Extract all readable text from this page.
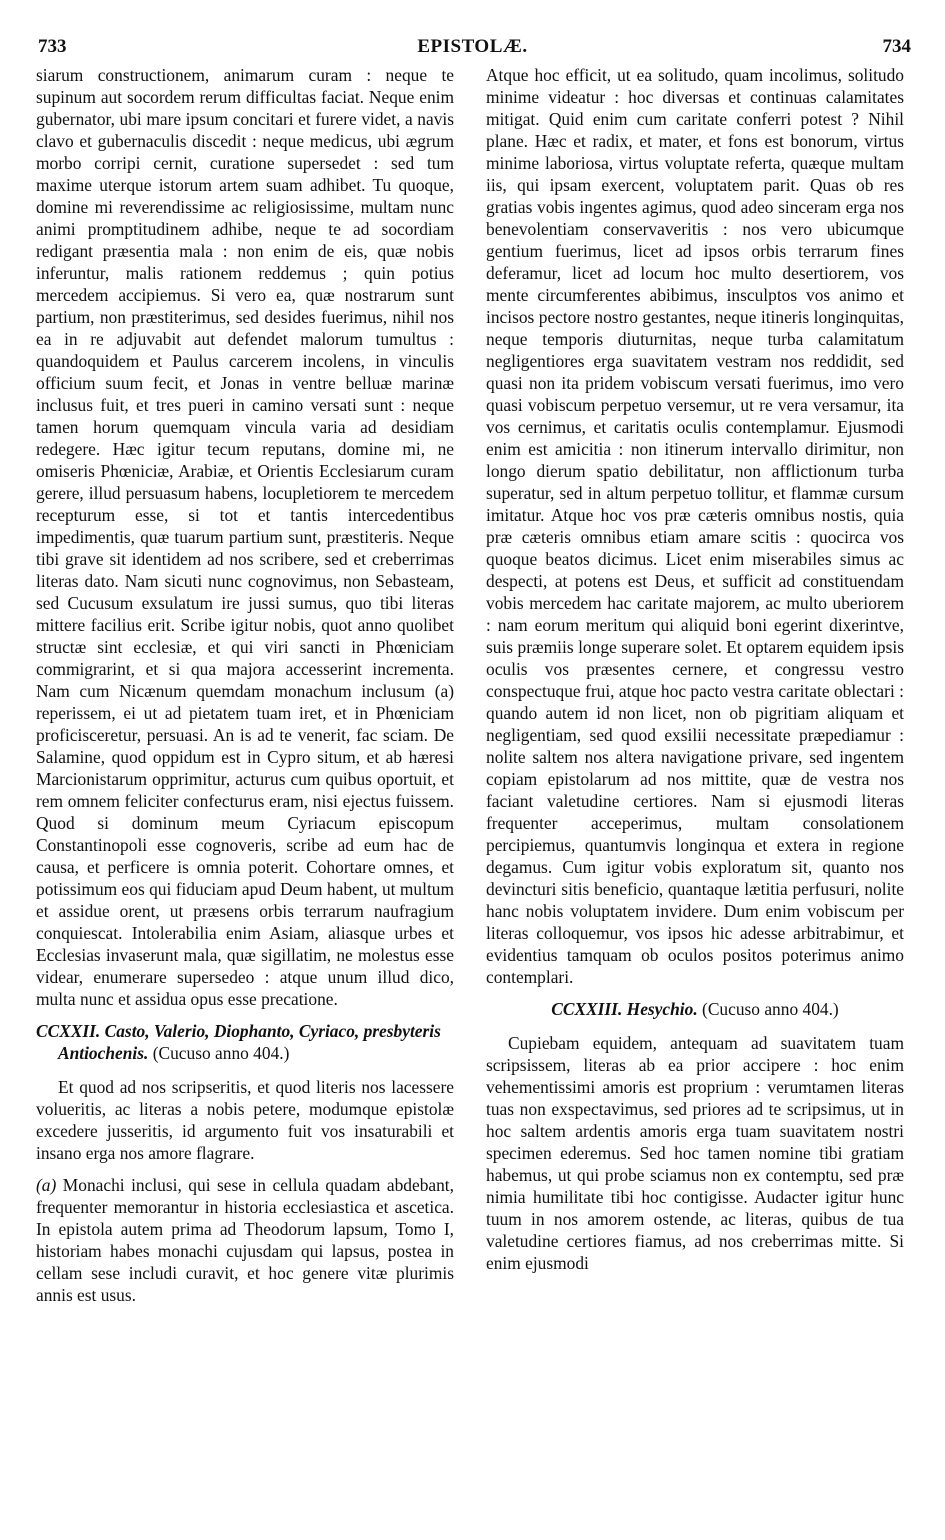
733	EPISTOLÆ.	734

siarum constructionem, animarum curam : neque te supinum aut socordem rerum difficultas faciat. Neque enim gubernator, ubi mare ipsum concitari et furere videt, a navis clavo et gubernaculis discedit : neque medicus, ubi ægrum morbo corripi cernit, curatione supersedet : sed tum maxime uterque istorum artem suam adhibet. Tu quoque, domine mi reverendissime ac religiosissime, multam nunc animi promptitudinem adhibe, neque te ad socordiam redigant præsentia mala : non enim de eis, quæ nobis inferuntur, malis rationem reddemus ; quin potius mercedem accipiemus. Si vero ea, quæ nostrarum sunt partium, non præstiterimus, sed desides fuerimus, nihil nos ea in re adjuvabit aut defendet malorum tumultus : quandoquidem et Paulus carcerem incolens, in vinculis officium suum fecit, et Jonas in ventre belluæ marinæ inclusus fuit, et tres pueri in camino versati sunt : neque tamen horum quemquam vincula varia ad desidiam redegere. Hæc igitur tecum reputans, domine mi, ne omiseris Phœniciæ, Arabiæ, et Orientis Ecclesiarum curam gerere, illud persuasum habens, locupletiorem te mercedem recepturum esse, si tot et tantis intercedentibus impedimentis, quæ tuarum partium sunt, præstiteris. Neque tibi grave sit identidem ad nos scribere, sed et creberrimas literas dato. Nam sicuti nunc cognovimus, non Sebasteam, sed Cucusum exsulatum ire jussi sumus, quo tibi literas mittere facilius erit. Scribe igitur nobis, quot anno quolibet structæ sint ecclesiæ, et qui viri sancti in Phœniciam commigrarint, et si qua majora accesserint incrementa. Nam cum Nicænum quemdam monachum inclusum (a) reperissem, ei ut ad pietatem tuam iret, et in Phœniciam proficisceretur, persuasi. An is ad te venerit, fac sciam. De Salamine, quod oppidum est in Cypro situm, et ab hæresi Marcionistarum opprimitur, acturus cum quibus oportuit, et rem omnem feliciter confecturus eram, nisi ejectus fuissem. Quod si dominum meum Cyriacum episcopum Constantinopoli esse cognoveris, scribe ad eum hac de causa, et perficere is omnia poterit. Cohortare omnes, et potissimum eos qui fiduciam apud Deum habent, ut multum et assidue orent, ut præsens orbis terrarum naufragium conquiescat. Intolerabilia enim Asiam, aliasque urbes et Ecclesias invaserunt mala, quæ sigillatim, ne molestus esse videar, enumerare supersedeo : atque unum illud dico, multa nunc et assidua opus esse precatione.

CCXXII. Casto, Valerio, Diophanto, Cyriaco, presbyteris Antiochenis. (Cucuso anno 404.)

Et quod ad nos scripseritis, et quod literis nos lacessere volueritis, ac literas a nobis petere, modumque epistolæ excedere jusseritis, id argumento fuit vos insaturabili et insano erga nos amore flagrare.

(a) Monachi inclusi, qui sese in cellula quadam abdebant, frequenter memorantur in historia ecclesiastica et ascetica. In epistola autem prima ad Theodorum lapsum, Tomo I, historiam habes monachi cujusdam qui lapsus, postea in cellam sese includi curavit, et hoc genere vitæ plurimis annis est usus.

Atque hoc efficit, ut ea solitudo, quam incolimus, solitudo minime videatur : hoc diversas et continuas calamitates mitigat. Quid enim cum caritate conferri potest ? Nihil plane. Hæc et radix, et mater, et fons est bonorum, virtus minime laboriosa, virtus voluptate referta, quæque multam iis, qui ipsam exercent, voluptatem parit. Quas ob res gratias vobis ingentes agimus, quod adeo sinceram erga nos benevolentiam conservaveritis : nos vero ubicumque gentium fuerimus, licet ad ipsos orbis terrarum fines deferamur, licet ad locum hoc multo desertiorem, vos mente circumferentes abibimus, insculptos vos animo et incisos pectore nostro gestantes, neque itineris longinquitas, neque temporis diuturnitas, neque turba calamitatum negligentiores erga suavitatem vestram nos reddidit, sed quasi non ita pridem vobiscum versati fuerimus, imo vero quasi vobiscum perpetuo versemur, ut re vera versamur, ita vos cernimus, et caritatis oculis contemplamur. Ejusmodi enim est amicitia : non itinerum intervallo dirimitur, non longo dierum spatio debilitatur, non afflictionum turba superatur, sed in altum perpetuo tollitur, et flammæ cursum imitatur. Atque hoc vos præ cæteris omnibus nostis, quia præ cæteris omnibus etiam amare scitis : quocirca vos quoque beatos dicimus. Licet enim miserabiles simus ac despecti, at potens est Deus, et sufficit ad constituendam vobis mercedem hac caritate majorem, ac multo uberiorem : nam eorum meritum qui aliquid boni egerint dixerintve, suis præmiis longe superare solet. Et optarem equidem ipsis oculis vos præsentes cernere, et congressu vestro conspectuque frui, atque hoc pacto vestra caritate oblectari : quando autem id non licet, non ob pigritiam aliquam et negligentiam, sed quod exsilii necessitate præpediamur : nolite saltem nos altera navigatione privare, sed ingentem copiam epistolarum ad nos mittite, quæ de vestra nos faciant valetudine certiores. Nam si ejusmodi literas frequenter acceperimus, multam consolationem percipiemus, quantumvis longinqua et extera in regione degamus. Cum igitur vobis exploratum sit, quanto nos devincturi sitis beneficio, quantaque lætitia perfusuri, nolite hanc nobis voluptatem invidere. Dum enim vobiscum per literas colloquemur, vos ipsos hic adesse arbitrabimur, et evidentius tamquam ob oculos positos poterimus animo contemplari.

CCXXIII. Hesychio. (Cucuso anno 404.)

Cupiebam equidem, antequam ad suavitatem tuam scripsissem, literas ab ea prior accipere : hoc enim vehementissimi amoris est proprium : verumtamen literas tuas non exspectavimus, sed priores ad te scripsimus, ut in hoc saltem ardentis amoris erga tuam suavitatem nostri specimen ederemus. Sed hoc tamen nomine tibi gratiam habemus, ut qui probe sciamus non ex contemptu, sed præ nimia humilitate tibi hoc contigisse. Audacter igitur hunc tuum in nos amorem ostende, ac literas, quibus de tua valetudine certiores fiamus, ad nos creberrimas mitte. Si enim ejusmodi
